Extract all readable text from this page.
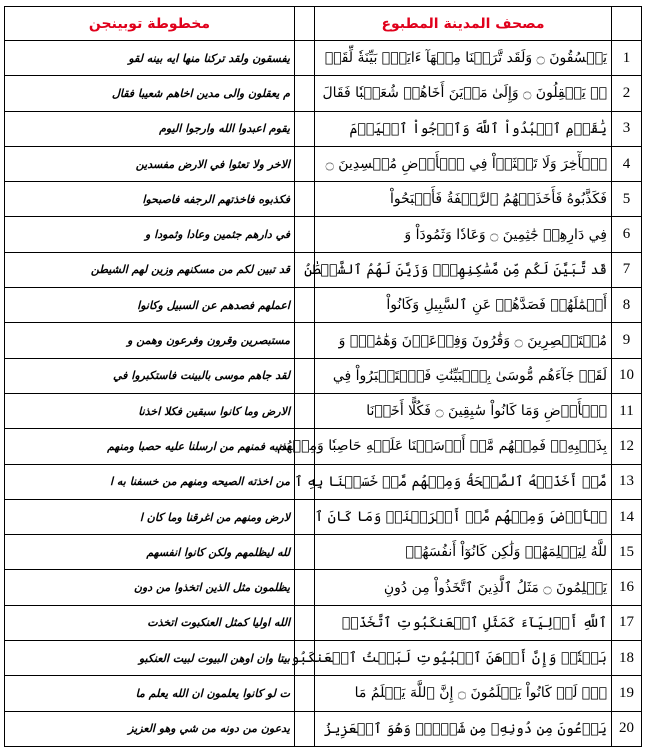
مخطوطة توبينجن		مصحف المدينة المطبوع	
يفسقون ولقد تركنا منها ايه بينه لقو		يَفۡسُقُونَ ۝ وَلَقَد تَّرَكۡنَا مِنۡهَآ ءَايَةَۢ بَيِّنَةٗ لِّقَوۡ	1
م يعقلون والى مدين اخاهم شعيبا فقال		مٖ يَعۡقِلُونَ ۝ وَإِلَىٰ مَدۡيَنَ أَخَاهُمۡ شُعَيۡبٗا فَقَالَ	2
يقوم اعبدوا الله وارجوا اليوم		يَٰقَوۡمِ ٱعۡبُدُواْ ٱللَّهَ وَٱرۡجُواْ ٱلۡيَوۡمَ	3
الاخر ولا تعثوا في الارض مفسدين		ٱلۡأٓخِرَ وَلَا تَعۡثَوۡاْ فِي ٱلۡأَرۡضِ مُفۡسِدِينَ ۝	4
فكذبوه فاخذتهم الرجفه فاصبحوا		فَكَذَّبُوهُ فَأَخَذَتۡهُمُ ٱلرَّجۡفَةُ فَأَصۡبَحُواْ	5
في دارهم جثمين وعادا وثمودا و		فِي دَارِهِمۡ جَٰثِمِينَ ۝ وَعَادٗا وَثَمُودَاْ وَ	6
قد تبين لكم من مسكنهم وزين لهم الشيطن		قَد تَّبَيَّنَ لَكُم مِّن مَّسَٰكِنِهِمۡۖ وَزَيَّنَ لَهُمُ ٱلشَّيۡطَٰنُ	7
اعملهم فصدهم عن السبيل وكانوا		أَعۡمَٰلَهُمۡ فَصَدَّهُمۡ عَنِ ٱلسَّبِيلِ وَكَانُواْ	8
مستبصرين وقرون وفرعون وهمن و		مُسۡتَبۡصِرِينَ ۝ وَقَٰرُونَ وَفِرۡعَوۡنَ وَهَٰمَٰنَۖ وَ	9
لقد جاهم موسى بالبينت فاستكبروا في		لَقَدۡ جَآءَهُم مُّوسَىٰ بِٱلۡبَيِّنَٰتِ فَٱسۡتَكۡبَرُواْ فِي	10
الارض وما كانوا سبقين فكلا اخذنا		ٱلۡأَرۡضِ وَمَا كَانُواْ سَٰبِقِينَ ۝ فَكُلًّا أَخَذۡنَا	11
بذنبه فمنهم من ارسلنا عليه حصبا ومنهم		بِذَنۢبِهِۦۖ فَمِنۡهُم مَّنۡ أَرۡسَلۡنَا عَلَيۡهِ حَاصِبٗا وَمِنۡهُم	12
من اخذته الصيحه ومنهم من خسفنا به ا		مَّنۡ أَخَذَتۡهُ ٱلصَّيۡحَةُ وَمِنۡهُم مَّنۡ خَسَفۡنَا بِهِ ٱ	13
لارض ومنهم من اغرقنا وما كان ا		لۡأَرۡضَ وَمِنۡهُم مَّنۡ أَغۡرَقۡنَاۚ وَمَا كَانَ ٱ	14
لله ليظلمهم ولكن كانوا انفسهم		للَّهُ لِيَظۡلِمَهُمۡ وَلَٰكِن كَانُوٓاْ أَنفُسَهُمۡ	15
يظلمون مثل الذين اتخذوا من دون		يَظۡلِمُونَ ۝ مَثَلُ ٱلَّذِينَ ٱتَّخَذُواْ مِن دُونِ	16
الله اوليا كمثل العنكبوت اتخذت		ٱللَّهِ أَوۡلِيَآءَ كَمَثَلِ ٱلۡعَنكَبُوتِ ٱتَّخَذَتۡ	17
بيتا وان اوهن البيوت لبيت العنكبو		بَيۡتٗاۖ وَإِنَّ أَوۡهَنَ ٱلۡبُيُوتِ لَبَيۡتُ ٱلۡعَنكَبُو	18
ت لو كانوا يعلمون ان الله يعلم ما		تِۚ لَوۡ كَانُواْ يَعۡلَمُونَ ۝ إِنَّ ٱللَّهَ يَعۡلَمُ مَا	19
يدعون من دونه من شي وهو العزيز		يَدۡعُونَ مِن دُونِهِۦ مِن شَيۡءٖۚ وَهُوَ ٱلۡعَزِيزُ	20
